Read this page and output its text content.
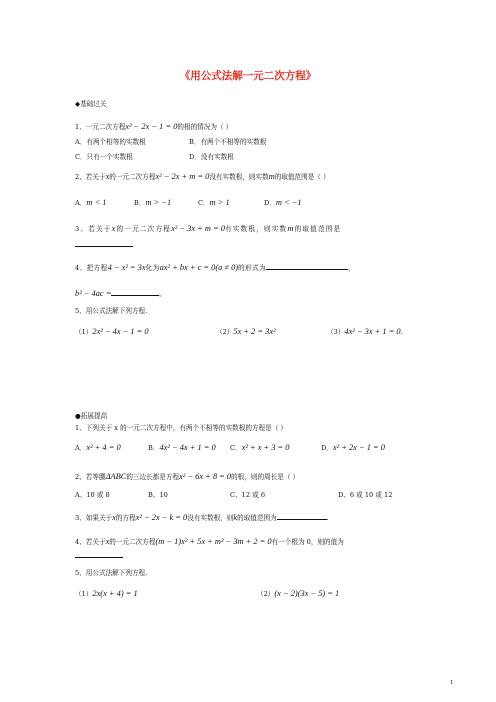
《用公式法解一元二次方程》
◆基础过关
1、一元二次方程x² − 2x − 1 = 0的根的情况为（ ）
A．有两个相等的实数根	B．有两个不相等的实数根
C．只有一个实数根	D．没有实数根
2、若关于x的一元二次方程x² − 2x + m = 0没有实数根，则实数m的取值范围是（ ）
A．m < 1	B．m > −1	C．m > 1	D．m < −1
3、若关于x的一元二次方程x² − 3x + m = 0有实数根，则实数m的取值范围是
4、把方程4 − x² = 3x化为ax² + bx + c = 0(a ≠ 0)的形式为	，
b² − 4ac =	。
5、用公式法解下列方程.
（1）2x² − 4x − 1 = 0	（2）5x + 2 = 3x²	（3）4x² − 3x + 1 = 0.
●拓展提高
1、下列关于 x 的一元二次方程中，有两个不相等的实数根的方程是（ ）
A．x² + 4 = 0	B．4x² − 4x + 1 = 0 C．x² + x + 3 = 0	D．x² + 2x − 1 = 0
2、若等腰ΔABC的三边长都是方程x² − 6x + 8 = 0的根，则的周长是（ ）
A、10 或 8	B、10	C、12 或 6	D、6 或 10 或 12
3、如果关于x的方程x² − 2x − k = 0没有实数根，则k的取值范围为	.
4、若关于x的一元二次方程(m − 1)x² + 5x + m² − 3m + 2 = 0有一个根为 0，则的值为
5、用公式法解下列方程.
（1）2x(x + 4) = 1	（2）(x − 2)(3x − 5) = 1
1
